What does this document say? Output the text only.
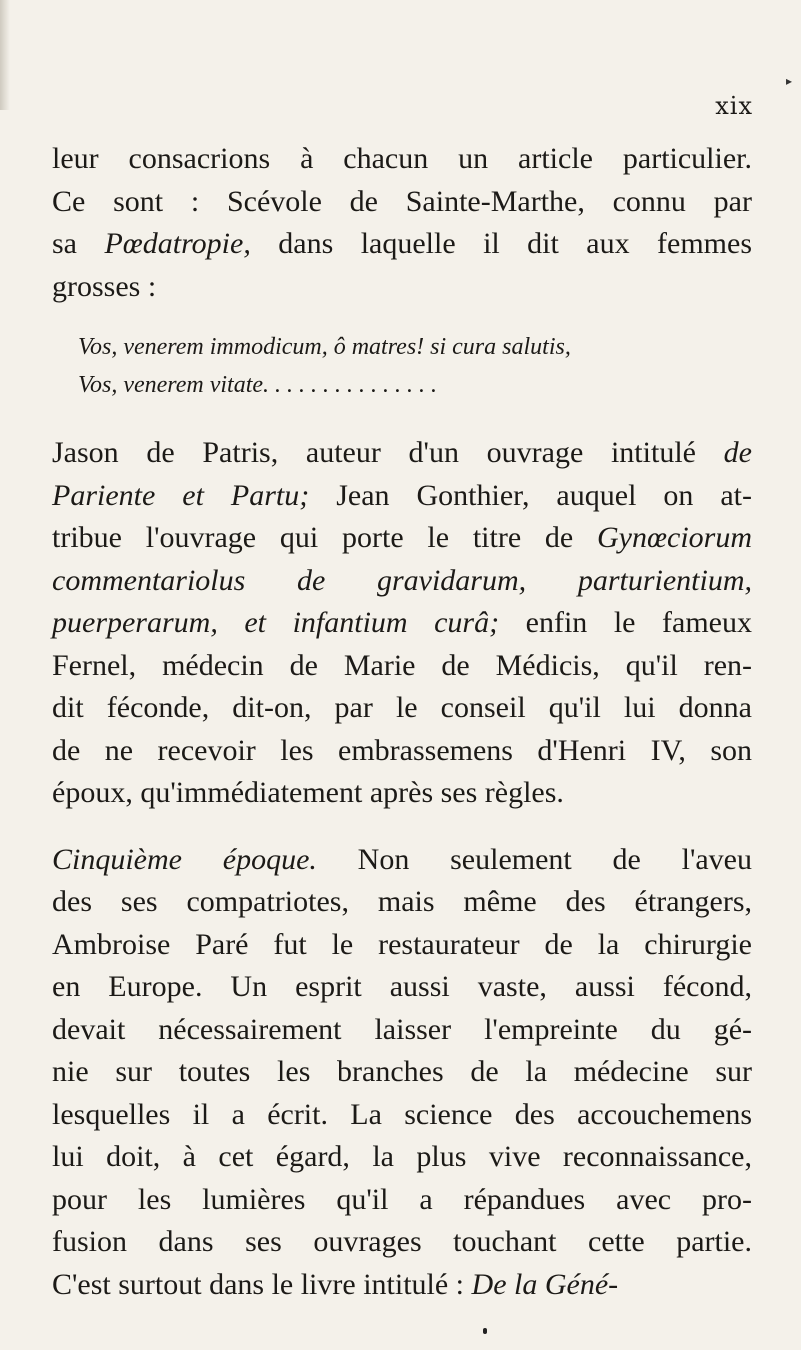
▸
xix
leur consacrions à chacun un article particulier.
Ce sont : Scévole de Sainte-Marthe, connu par
sa Pœdatropie, dans laquelle il dit aux femmes
grosses :
Vos, venerem immodicum, ô matres! si cura salutis,
Vos, venerem vitate. . . . . . . . . . . . . . .
Jason de Patris, auteur d'un ouvrage intitulé de
Pariente et Partu; Jean Gonthier, auquel on at-
tribue l'ouvrage qui porte le titre de Gynœciorum
commentariolus de gravidarum, parturientium,
puerperarum, et infantium curâ; enfin le fameux
Fernel, médecin de Marie de Médicis, qu'il ren-
dit féconde, dit-on, par le conseil qu'il lui donna
de ne recevoir les embrassemens d'Henri IV, son
époux, qu'immédiatement après ses règles.
Cinquième époque. Non seulement de l'aveu
des ses compatriotes, mais même des étrangers,
Ambroise Paré fut le restaurateur de la chirurgie
en Europe. Un esprit aussi vaste, aussi fécond,
devait nécessairement laisser l'empreinte du gé-
nie sur toutes les branches de la médecine sur
lesquelles il a écrit. La science des accouchemens
lui doit, à cet égard, la plus vive reconnaissance,
pour les lumières qu'il a répandues avec pro-
fusion dans ses ouvrages touchant cette partie.
C'est surtout dans le livre intitulé : De la Géné-
